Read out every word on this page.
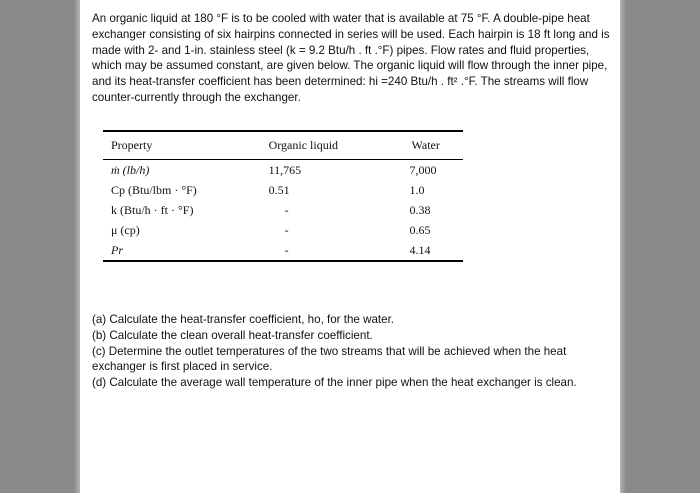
An organic liquid at 180 °F is to be cooled with water that is available at 75 °F. A double-pipe heat exchanger consisting of six hairpins connected in series will be used. Each hairpin is 18 ft long and is made with 2- and 1-in. stainless steel (k = 9.2 Btu/h . ft .°F) pipes. Flow rates and fluid properties, which may be assumed constant, are given below. The organic liquid will flow through the inner pipe, and its heat-transfer coefficient has been determined: hi =240 Btu/h . ft² .°F. The streams will flow counter-currently through the exchanger.

Property	Organic liquid	Water
ṁ (lb/h)	11,765	7,000
Cp (Btu/lbm · °F)	0.51	1.0
k (Btu/h · ft · °F)	-	0.38
μ (cp)	-	0.65
Pr	-	4.14
(a) Calculate the heat-transfer coefficient, ho, for the water.
(b) Calculate the clean overall heat-transfer coefficient.
(c) Determine the outlet temperatures of the two streams that will be achieved when the heat exchanger is first placed in service.
(d) Calculate the average wall temperature of the inner pipe when the heat exchanger is clean.
